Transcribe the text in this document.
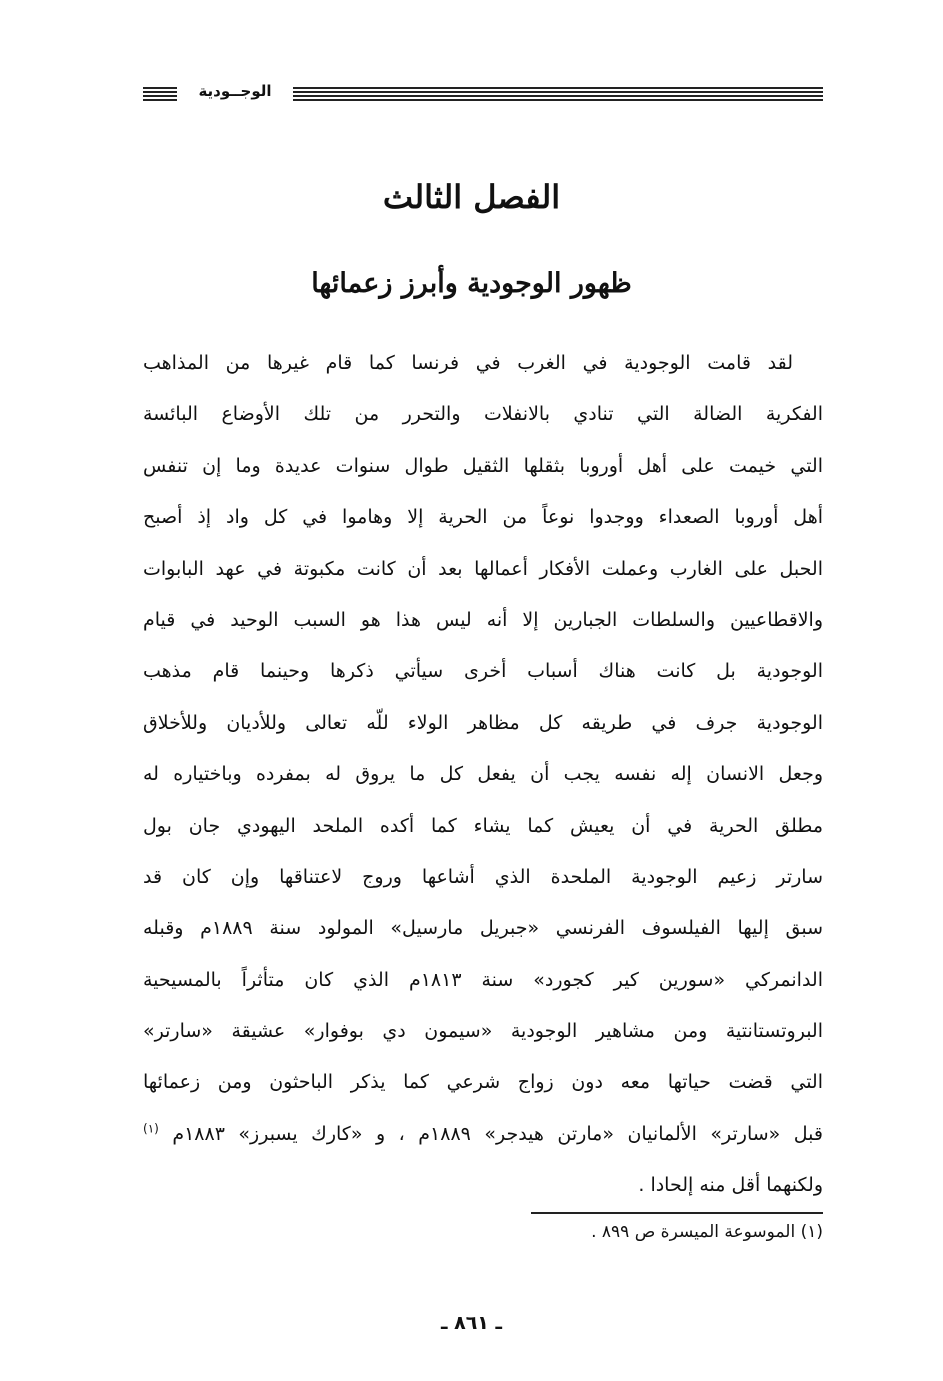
الوجــودية
الفصل الثالث
ظهور الوجودية وأبرز زعمائها
لقد قامت الوجودية في الغرب في فرنسا كما قام غيرها من المذاهب
الفكرية الضالة التي تنادي بالانفلات والتحرر من تلك الأوضاع البائسة
التي خيمت على أهل أوروبا بثقلها الثقيل طوال سنوات عديدة وما إن تنفس
أهل أوروبا الصعداء ووجدوا نوعاً من الحرية إلا وهاموا في كل واد إذ أصبح
الحبل على الغارب وعملت الأفكار أعمالها بعد أن كانت مكبوتة في عهد البابوات
والاقطاعيين والسلطات الجبارين إلا أنه ليس هذا هو السبب الوحيد في قيام
الوجودية بل كانت هناك أسباب أخرى سيأتي ذكرها وحينما قام مذهب
الوجودية جرف في طريقه كل مظاهر الولاء للّه تعالى وللأديان وللأخلاق
وجعل الانسان إله نفسه يجب أن يفعل كل ما يروق له بمفرده وباختياره له
مطلق الحرية في أن يعيش كما يشاء كما أكده الملحد اليهودي جان بول
سارتر زعيم الوجودية الملحدة الذي أشاعها وروج لاعتناقها وإن كان قد
سبق إليها الفيلسوف الفرنسي «جبريل مارسيل» المولود سنة ١٨٨٩م وقبله
الدانمركي «سورين كير كجورد» سنة ١٨١٣م الذي كان متأثراً بالمسيحية
البروتستانتية ومن مشاهير الوجودية «سيمون دي بوفوار» عشيقة «سارتر»
التي قضت حياتها معه دون زواج شرعي كما يذكر الباحثون ومن زعمائها
قبل «سارتر» الألمانيان «مارتن هيدجر» ١٨٨٩م ، و «كارك يسبرز» ١٨٨٣م $^{(١)}$
ولكنهما أقل منه إلحادا .
(١) الموسوعة الميسرة ص ٨٩٩ .
ـ ٨٦١ ـ
